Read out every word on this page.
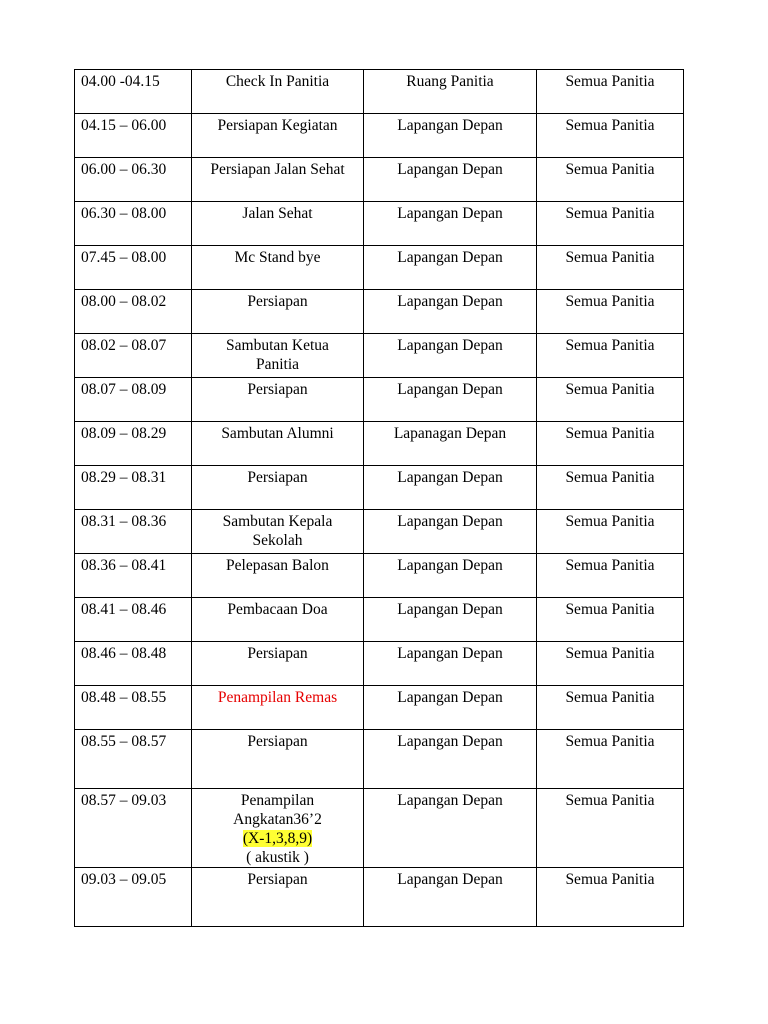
04.00 -04.15	Check In Panitia	Ruang Panitia	Semua Panitia
04.15 – 06.00	Persiapan Kegiatan	Lapangan Depan	Semua Panitia
06.00 – 06.30	Persiapan Jalan Sehat	Lapangan Depan	Semua Panitia
06.30 – 08.00	Jalan Sehat	Lapangan Depan	Semua Panitia
07.45 – 08.00	Mc Stand bye	Lapangan Depan	Semua Panitia
08.00 – 08.02	Persiapan	Lapangan Depan	Semua Panitia
08.02 – 08.07	Sambutan Ketua
Panitia	Lapangan Depan	Semua Panitia
08.07 – 08.09	Persiapan	Lapangan Depan	Semua Panitia
08.09 – 08.29	Sambutan Alumni	Lapanagan Depan	Semua Panitia
08.29 – 08.31	Persiapan	Lapangan Depan	Semua Panitia
08.31 – 08.36	Sambutan Kepala
Sekolah	Lapangan Depan	Semua Panitia
08.36 – 08.41	Pelepasan Balon	Lapangan Depan	Semua Panitia
08.41 – 08.46	Pembacaan Doa	Lapangan Depan	Semua Panitia
08.46 – 08.48	Persiapan	Lapangan Depan	Semua Panitia
08.48 – 08.55	Penampilan Remas	Lapangan Depan	Semua Panitia
08.55 – 08.57	Persiapan	Lapangan Depan	Semua Panitia
08.57 – 09.03	Penampilan
Angkatan36’2
(X-1,3,8,9)
( akustik )	Lapangan Depan	Semua Panitia
09.03 – 09.05	Persiapan	Lapangan Depan	Semua Panitia
